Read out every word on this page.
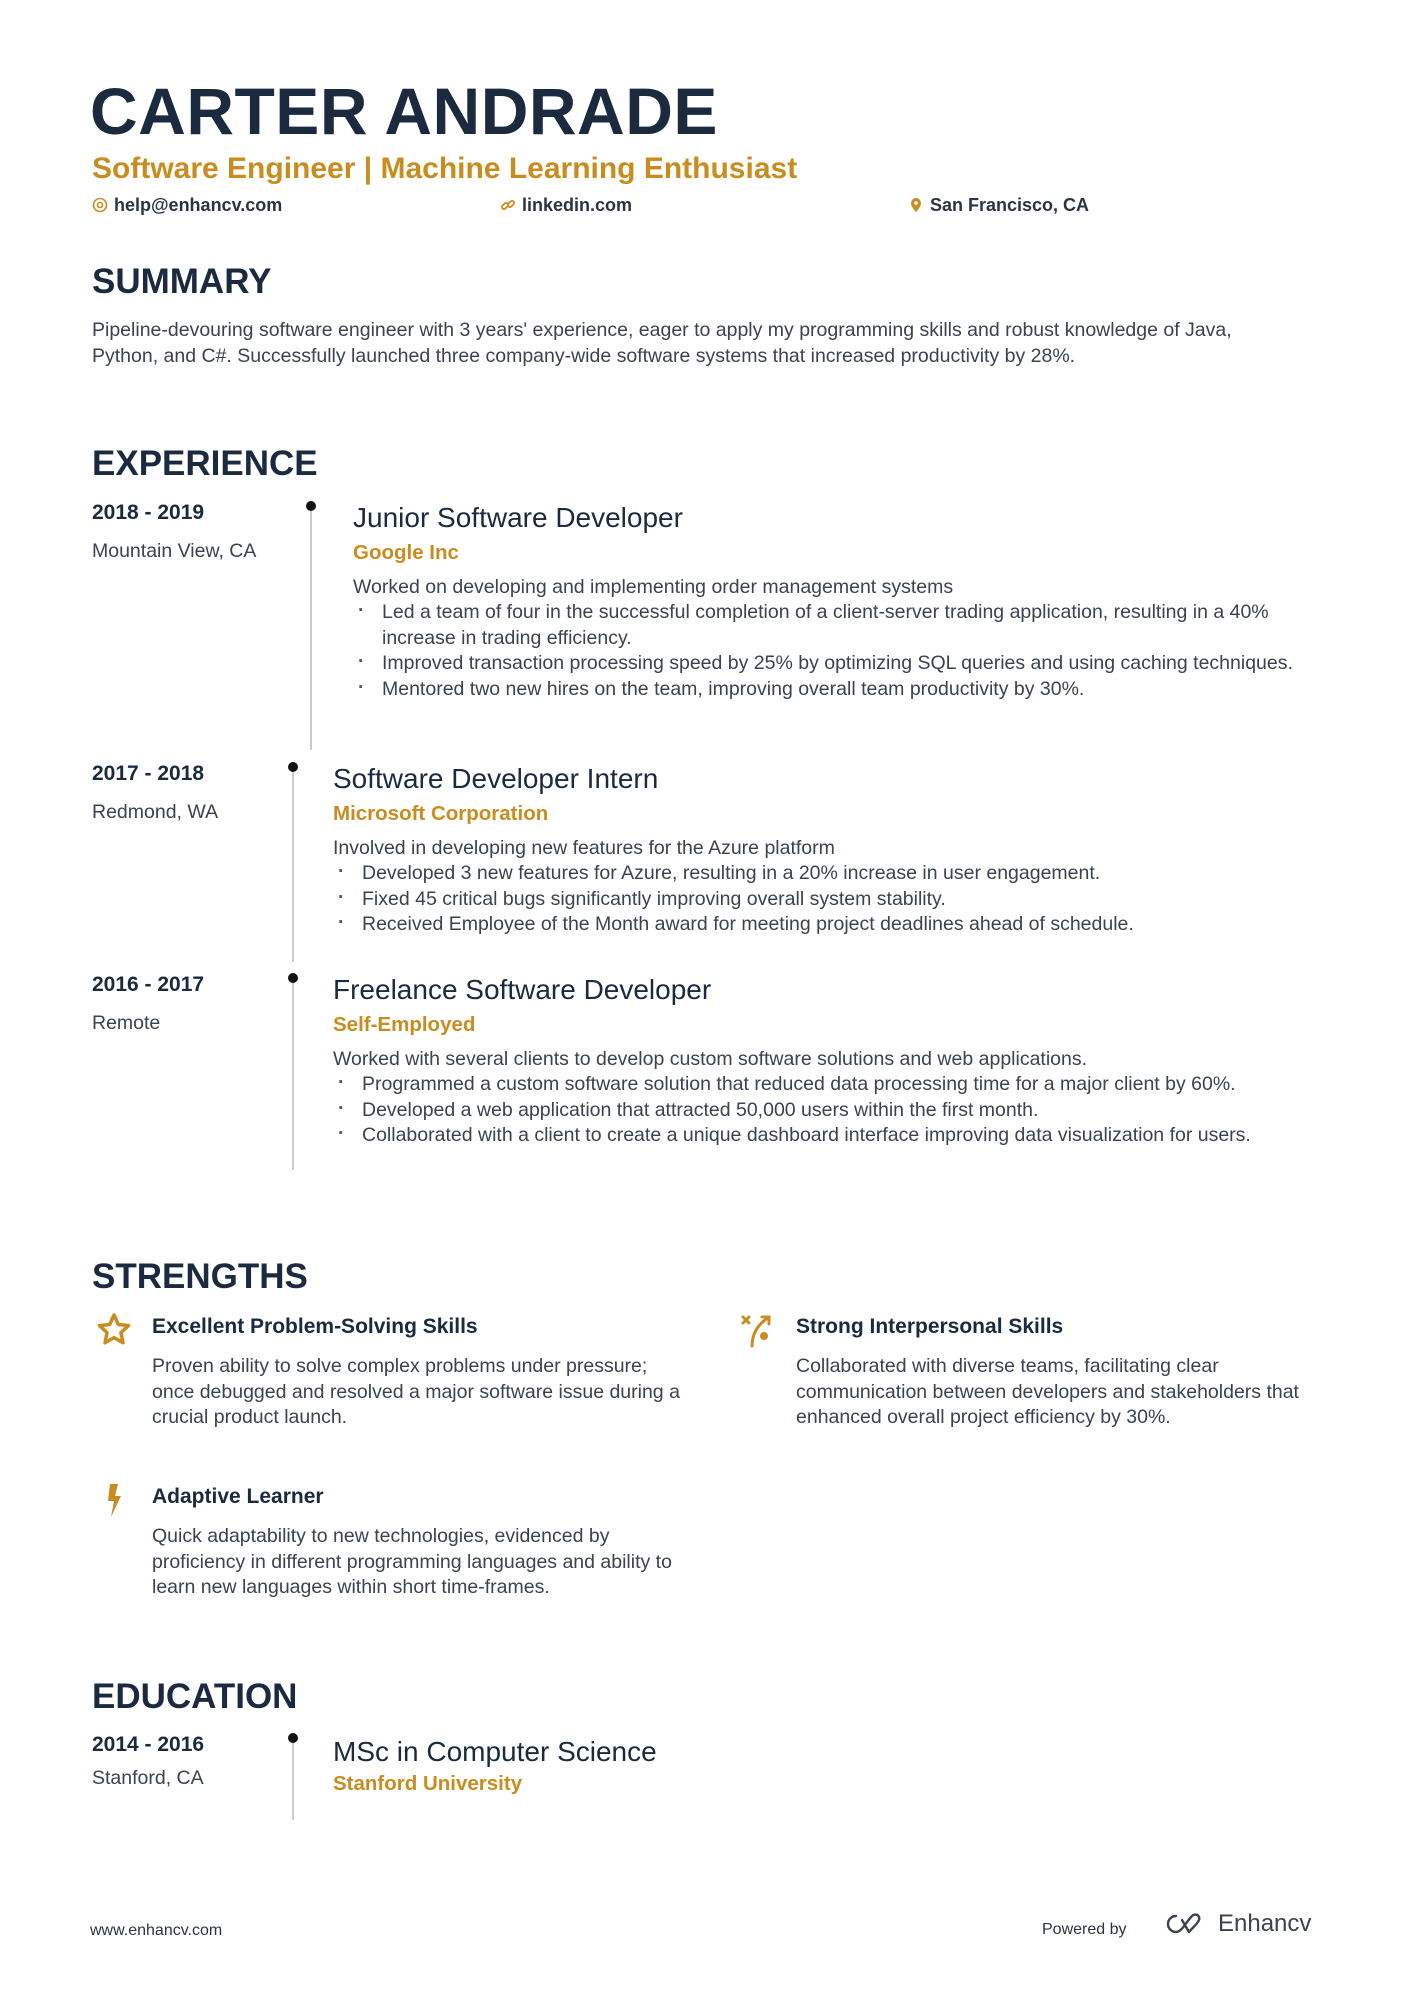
CARTER ANDRADE
Software Engineer | Machine Learning Enthusiast
help@enhancv.com	linkedin.com	San Francisco, CA
SUMMARY
Pipeline-devouring software engineer with 3 years' experience, eager to apply my programming skills and robust knowledge of Java, Python, and C#. Successfully launched three company-wide software systems that increased productivity by 28%.
EXPERIENCE
2018 - 2019
Mountain View, CA
Junior Software Developer
Google Inc
Worked on developing and implementing order management systems
· Led a team of four in the successful completion of a client-server trading application, resulting in a 40% increase in trading efficiency.
· Improved transaction processing speed by 25% by optimizing SQL queries and using caching techniques.
· Mentored two new hires on the team, improving overall team productivity by 30%.
2017 - 2018
Redmond, WA
Software Developer Intern
Microsoft Corporation
Involved in developing new features for the Azure platform
· Developed 3 new features for Azure, resulting in a 20% increase in user engagement.
· Fixed 45 critical bugs significantly improving overall system stability.
· Received Employee of the Month award for meeting project deadlines ahead of schedule.
2016 - 2017
Remote
Freelance Software Developer
Self-Employed
Worked with several clients to develop custom software solutions and web applications.
· Programmed a custom software solution that reduced data processing time for a major client by 60%.
· Developed a web application that attracted 50,000 users within the first month.
· Collaborated with a client to create a unique dashboard interface improving data visualization for users.
STRENGTHS
Excellent Problem-Solving Skills
Proven ability to solve complex problems under pressure; once debugged and resolved a major software issue during a crucial product launch.
Strong Interpersonal Skills
Collaborated with diverse teams, facilitating clear communication between developers and stakeholders that enhanced overall project efficiency by 30%.
Adaptive Learner
Quick adaptability to new technologies, evidenced by proficiency in different programming languages and ability to learn new languages within short time-frames.
EDUCATION
2014 - 2016
Stanford, CA
MSc in Computer Science
Stanford University
www.enhancv.com	Powered by	Enhancv
